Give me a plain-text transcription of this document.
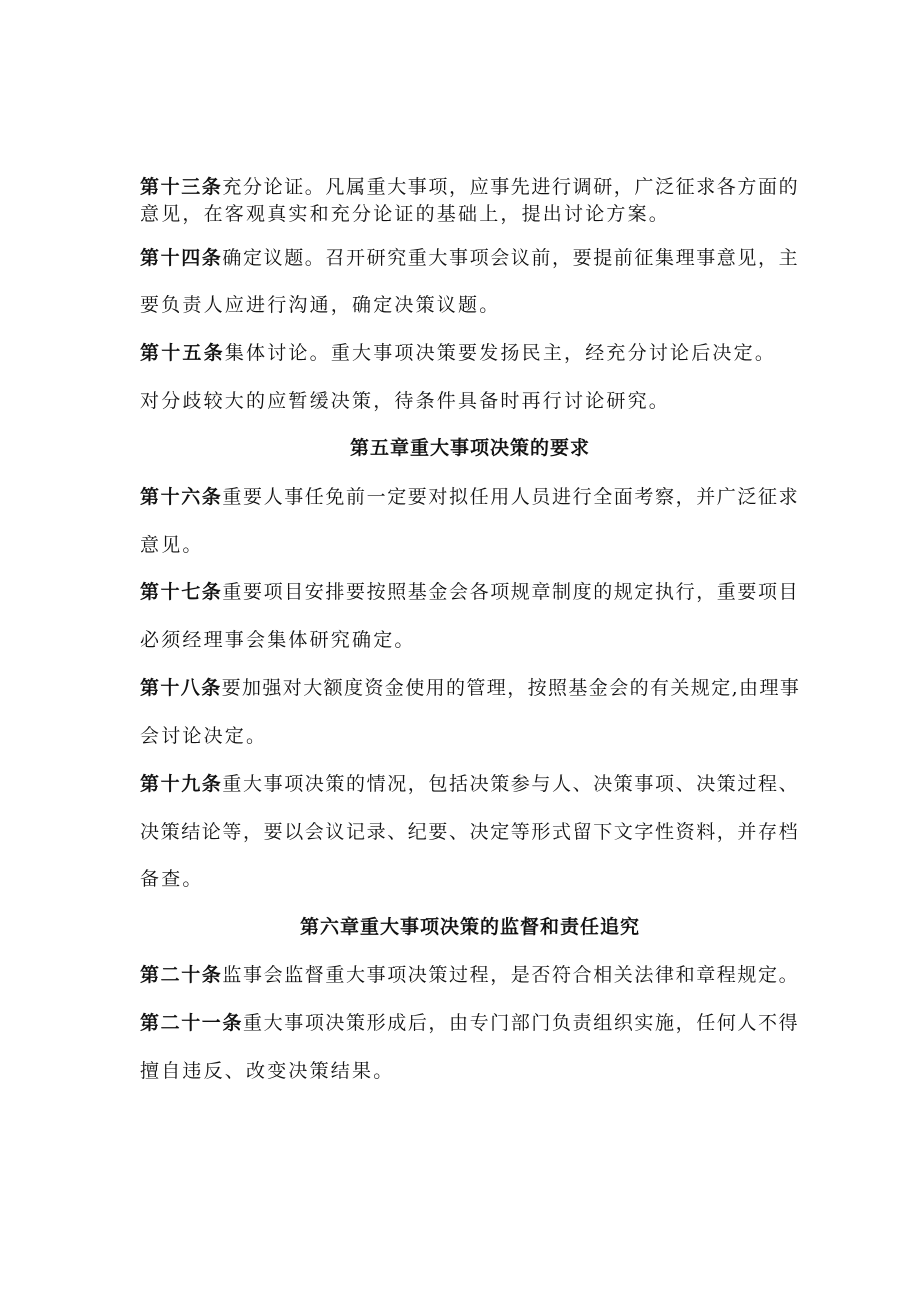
第十三条充分论证。凡属重大事项，应事先进行调研，广泛征求各方面的
意见，在客观真实和充分论证的基础上，提出讨论方案。
第十四条确定议题。召开研究重大事项会议前，要提前征集理事意见，主
要负责人应进行沟通，确定决策议题。
第十五条集体讨论。重大事项决策要发扬民主，经充分讨论后决定。
对分歧较大的应暂缓决策，待条件具备时再行讨论研究。
第五章重大事项决策的要求
第十六条重要人事任免前一定要对拟任用人员进行全面考察，并广泛征求
意见。
第十七条重要项目安排要按照基金会各项规章制度的规定执行，重要项目
必须经理事会集体研究确定。
第十八条要加强对大额度资金使用的管理，按照基金会的有关规定,由理事
会讨论决定。
第十九条重大事项决策的情况，包括决策参与人、决策事项、决策过程、
决策结论等，要以会议记录、纪要、决定等形式留下文字性资料，并存档
备查。
第六章重大事项决策的监督和责任追究
第二十条监事会监督重大事项决策过程，是否符合相关法律和章程规定。
第二十一条重大事项决策形成后，由专门部门负责组织实施，任何人不得
擅自违反、改变决策结果。
